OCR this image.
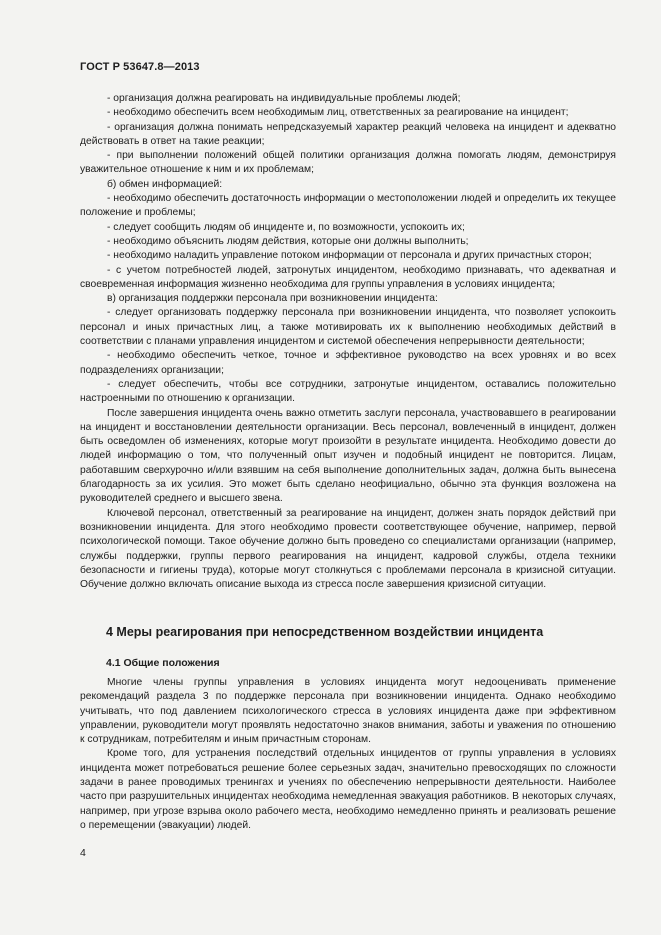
ГОСТ Р 53647.8—2013

- организация должна реагировать на индивидуальные проблемы людей;

- необходимо обеспечить всем необходимым лиц, ответственных за реагирование на инцидент;

- организация должна понимать непредсказуемый характер реакций человека на инцидент и адекватно действовать в ответ на такие реакции;

- при выполнении положений общей политики организация должна помогать людям, демонстрируя уважительное отношение к ним и их проблемам;

б) обмен информацией:

- необходимо обеспечить достаточность информации о местоположении людей и определить их текущее положение и проблемы;

- следует сообщить людям об инциденте и, по возможности, успокоить их;

- необходимо объяснить людям действия, которые они должны выполнить;

- необходимо наладить управление потоком информации от персонала и других причастных сторон;

- с учетом потребностей людей, затронутых инцидентом, необходимо признавать, что адекватная и своевременная информация жизненно необходима для группы управления в условиях инцидента;

в) организация поддержки персонала при возникновении инцидента:

- следует организовать поддержку персонала при возникновении инцидента, что позволяет успокоить персонал и иных причастных лиц, а также мотивировать их к выполнению необходимых действий в соответствии с планами управления инцидентом и системой обеспечения непрерывности деятельности;

- необходимо обеспечить четкое, точное и эффективное руководство на всех уровнях и во всех подразделениях организации;

- следует обеспечить, чтобы все сотрудники, затронутые инцидентом, оставались положительно настроенными по отношению к организации.

После завершения инцидента очень важно отметить заслуги персонала, участвовавшего в реагировании на инцидент и восстановлении деятельности организации. Весь персонал, вовлеченный в инцидент, должен быть осведомлен об изменениях, которые могут произойти в результате инцидента. Необходимо довести до людей информацию о том, что полученный опыт изучен и подобный инцидент не повторится. Лицам, работавшим сверхурочно и/или взявшим на себя выполнение дополнительных задач, должна быть вынесена благодарность за их усилия. Это может быть сделано неофициально, обычно эта функция возложена на руководителей среднего и высшего звена.

Ключевой персонал, ответственный за реагирование на инцидент, должен знать порядок действий при возникновении инцидента. Для этого необходимо провести соответствующее обучение, например, первой психологической помощи. Такое обучение должно быть проведено со специалистами организации (например, службы поддержки, группы первого реагирования на инцидент, кадровой службы, отдела техники безопасности и гигиены труда), которые могут столкнуться с проблемами персонала в кризисной ситуации. Обучение должно включать описание выхода из стресса после завершения кризисной ситуации.

4 Меры реагирования при непосредственном воздействии инцидента
4.1 Общие положения

Многие члены группы управления в условиях инцидента могут недооценивать применение рекомендаций раздела 3 по поддержке персонала при возникновении инцидента. Однако необходимо учитывать, что под давлением психологического стресса в условиях инцидента даже при эффективном управлении, руководители могут проявлять недостаточно знаков внимания, заботы и уважения по отношению к сотрудникам, потребителям и иным причастным сторонам.

Кроме того, для устранения последствий отдельных инцидентов от группы управления в условиях инцидента может потребоваться решение более серьезных задач, значительно превосходящих по сложности задачи в ранее проводимых тренингах и учениях по обеспечению непрерывности деятельности. Наиболее часто при разрушительных инцидентах необходима немедленная эвакуация работников. В некоторых случаях, например, при угрозе взрыва около рабочего места, необходимо немедленно принять и реализовать решение о перемещении (эвакуации) людей.

4
